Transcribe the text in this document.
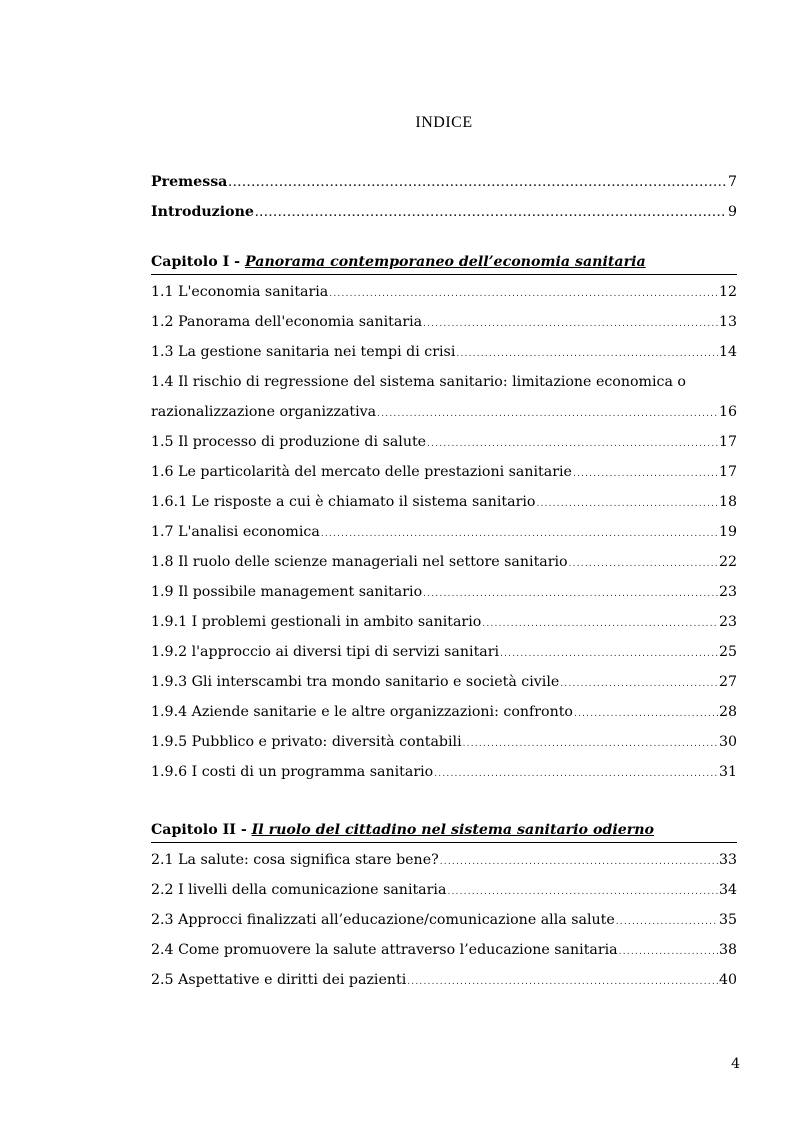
INDICE
Premessa .....	7
Introduzione .....	9
Capitolo I - Panorama contemporaneo dell’economia sanitaria
1.1 L'economia sanitaria .....	12
1.2 Panorama dell'economia sanitaria .....	13
1.3 La gestione sanitaria nei tempi di crisi .....	14
1.4 Il rischio di regressione del sistema sanitario: limitazione economica o
razionalizzazione organizzativa .....	16
1.5 Il processo di produzione di salute .....	17
1.6 Le particolarità del mercato delle prestazioni sanitarie .....	17
1.6.1 Le risposte a cui è chiamato il sistema sanitario .....	18
1.7 L'analisi economica .....	19
1.8 Il ruolo delle scienze manageriali nel settore sanitario .....	22
1.9 Il possibile management sanitario .....	23
1.9.1 I problemi gestionali in ambito sanitario .....	23
1.9.2 l'approccio ai diversi tipi di servizi sanitari .....	25
1.9.3 Gli interscambi tra mondo sanitario e società civile .....	27
1.9.4 Aziende sanitarie e le altre organizzazioni: confronto .....	28
1.9.5 Pubblico e privato: diversità contabili .....	30
1.9.6 I costi di un programma sanitario .....	31
Capitolo II - Il ruolo del cittadino nel sistema sanitario odierno
2.1 La salute: cosa significa stare bene? .....	33
2.2 I livelli della comunicazione sanitaria .....	34
2.3 Approcci finalizzati all’educazione/comunicazione alla salute .....	35
2.4 Come promuovere la salute attraverso l’educazione sanitaria .....	38
2.5 Aspettative e diritti dei pazienti .....	40
4
